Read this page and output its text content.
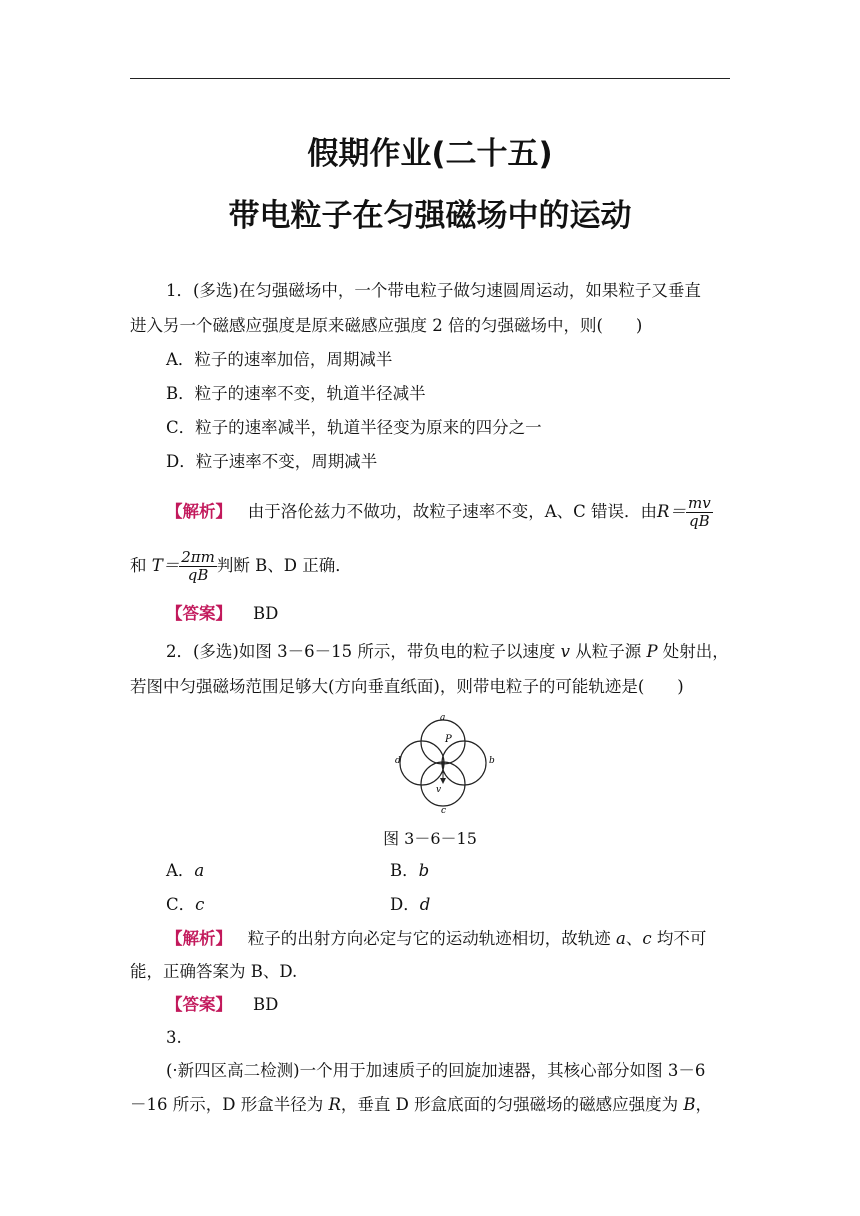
假期作业(二十五)
带电粒子在匀强磁场中的运动
1．(多选)在匀强磁场中，一个带电粒子做匀速圆周运动，如果粒子又垂直
进入另一个磁感应强度是原来磁感应强度 2 倍的匀强磁场中，则(　　)
A．粒子的速率加倍，周期减半
B．粒子的速率不变，轨道半径减半
C．粒子的速率减半，轨道半径变为原来的四分之一
D．粒子速率不变，周期减半
【解析】 由于洛伦兹力不做功，故粒子速率不变，A、C 错误．由$R= \frac{mv}{qB}$
和 $T= \frac{2\pi m}{qB}$ 判断 B、D 正确．
【答案】 BD
2．(多选)如图 3－6－15 所示，带负电的粒子以速度 v 从粒子源 P 处射出，
若图中匀强磁场范围足够大(方向垂直纸面)，则带电粒子的可能轨迹是(　　)
a
b
c
d
P
v
图 3－6－15
A．a	B．b
C．c	D．d
【解析】 粒子的出射方向必定与它的运动轨迹相切，故轨迹 a、c 均不可
能，正确答案为 B、D.
【答案】 BD
3.
(·新四区高二检测)一个用于加速质子的回旋加速器，其核心部分如图 3－6
－16 所示，D 形盒半径为 R，垂直 D 形盒底面的匀强磁场的磁感应强度为 B，
